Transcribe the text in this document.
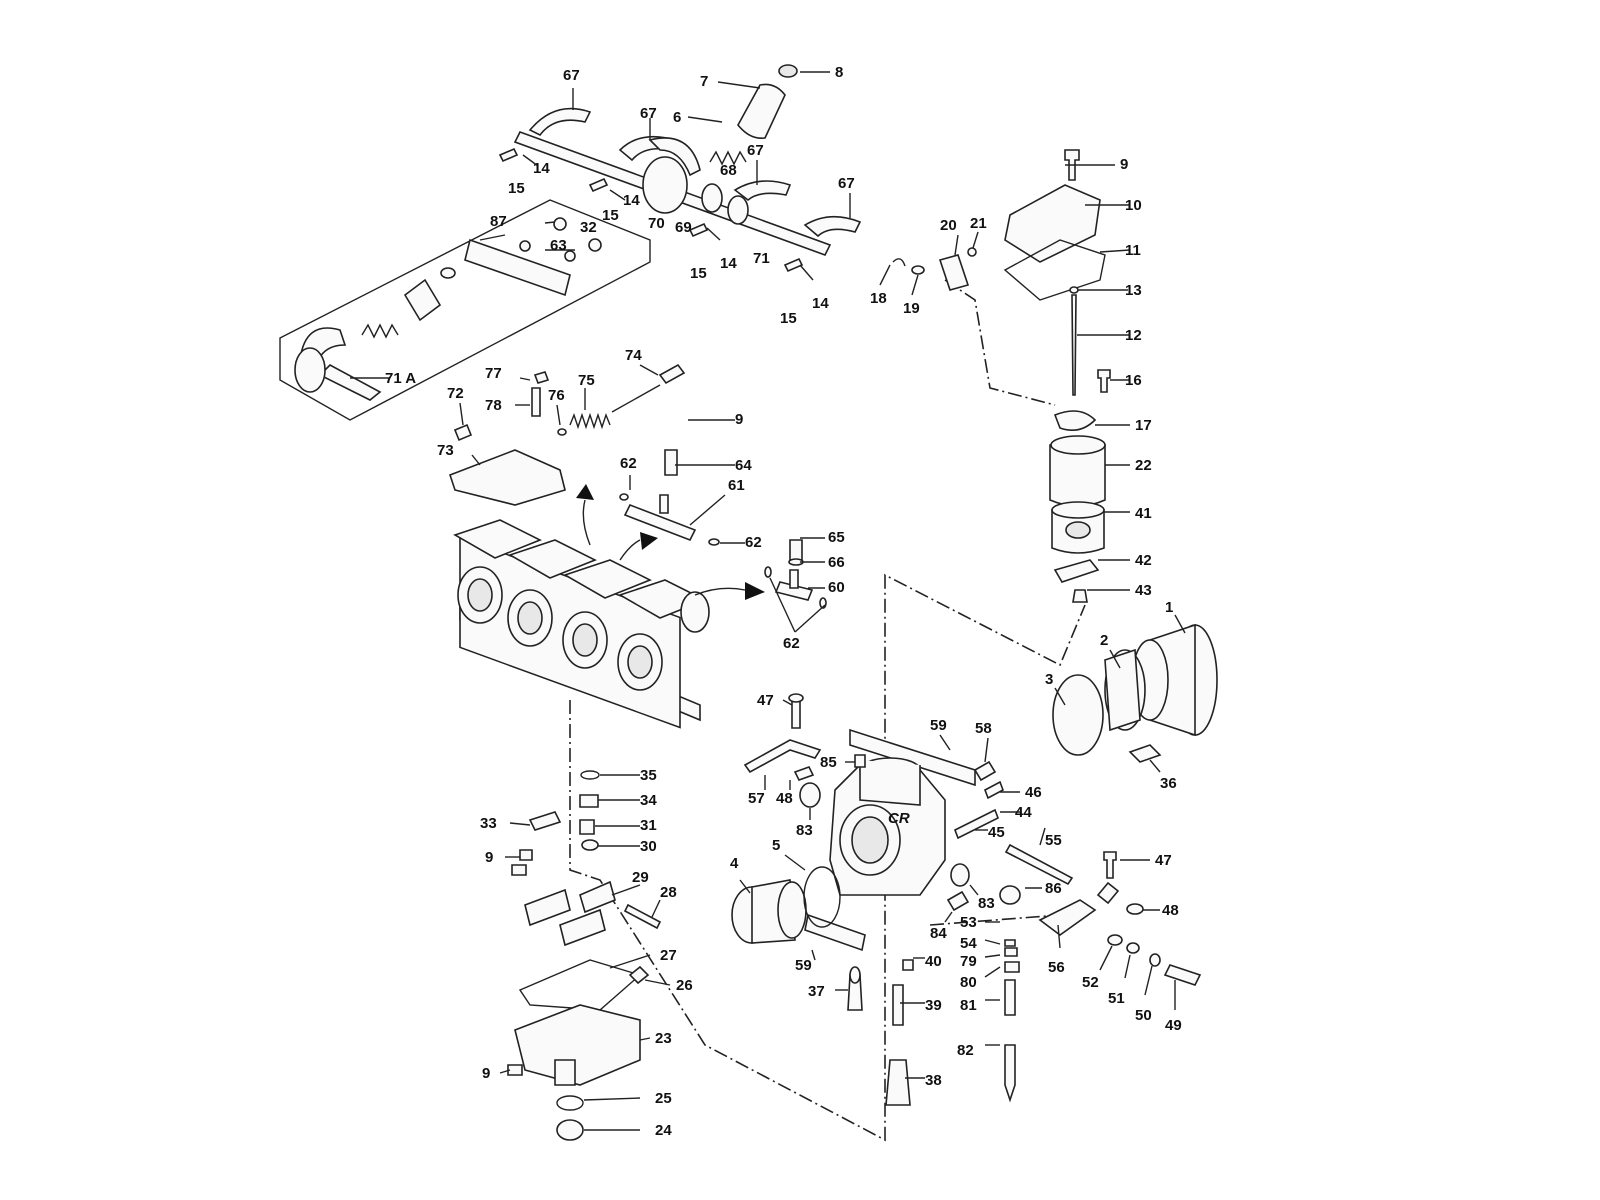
CR
67	7
8
6
67
67
67
14
15
68
14
15 70 69
71
14
15
14
15
71 A
87	32
63
9
10
11
13
12
16
17
22
41
42
43
1
2
3
36
20 21
18
19
74
75
76
77
78
72
73
9
64
62
61
62	65
66
60
62
47
57 48
59 58
85
83
46
44
45	55
86
83
84
53
54
79
80
81
82
40
39
38
37
59	56
52
51
50
49
47
48
4
5
35
34
33	31
9
30
29
28
27
26
23
9
25
24
